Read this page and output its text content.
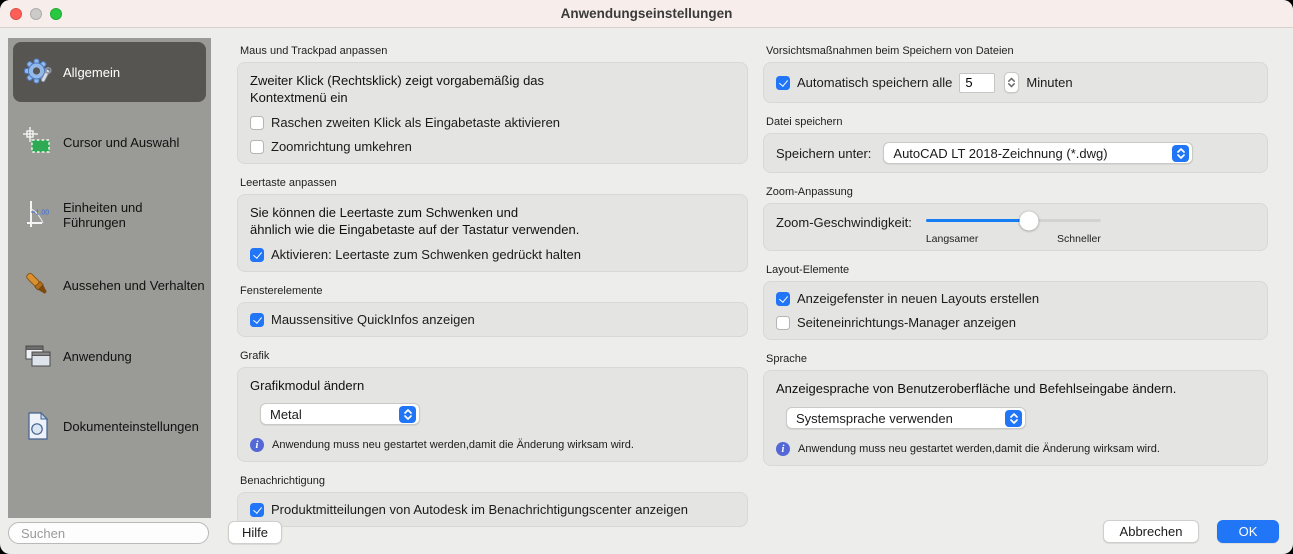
Anwendungseinstellungen
Allgemein
Cursor und Auswahl
1.00 Einheiten und Führungen
Aussehen und Verhalten
Anwendung
Dokumenteinstellungen
Maus und Trackpad anpassen
Zweiter Klick (Rechtsklick) zeigt vorgabemäßig das
Kontextmenü ein
Raschen zweiten Klick als Eingabetaste aktivieren
Zoomrichtung umkehren
Leertaste anpassen
Sie können die Leertaste zum Schwenken und
ähnlich wie die Eingabetaste auf der Tastatur verwenden.
Aktivieren: Leertaste zum Schwenken gedrückt halten
Fensterelemente
Maussensitive QuickInfos anzeigen
Grafik
Grafikmodul ändern
Metal
i	Anwendung muss neu gestartet werden,damit die Änderung wirksam wird.
Benachrichtigung
Produktmitteilungen von Autodesk im Benachrichtigungscenter anzeigen
Vorsichtsmaßnahmen beim Speichern von Dateien
Automatisch speichern alle
5	Minuten
Datei speichern
Speichern unter: AutoCAD LT 2018-Zeichnung (*.dwg)
Zoom-Anpassung
Zoom-Geschwindigkeit:
Langsamer	Schneller
Layout-Elemente
Anzeigefenster in neuen Layouts erstellen
Seiteneinrichtungs-Manager anzeigen
Sprache
Anzeigesprache von Benutzeroberfläche und Befehlseingabe ändern.
Systemsprache verwenden
i	Anwendung muss neu gestartet werden,damit die Änderung wirksam wird.
Suchen
Hilfe	Abbrechen	OK
